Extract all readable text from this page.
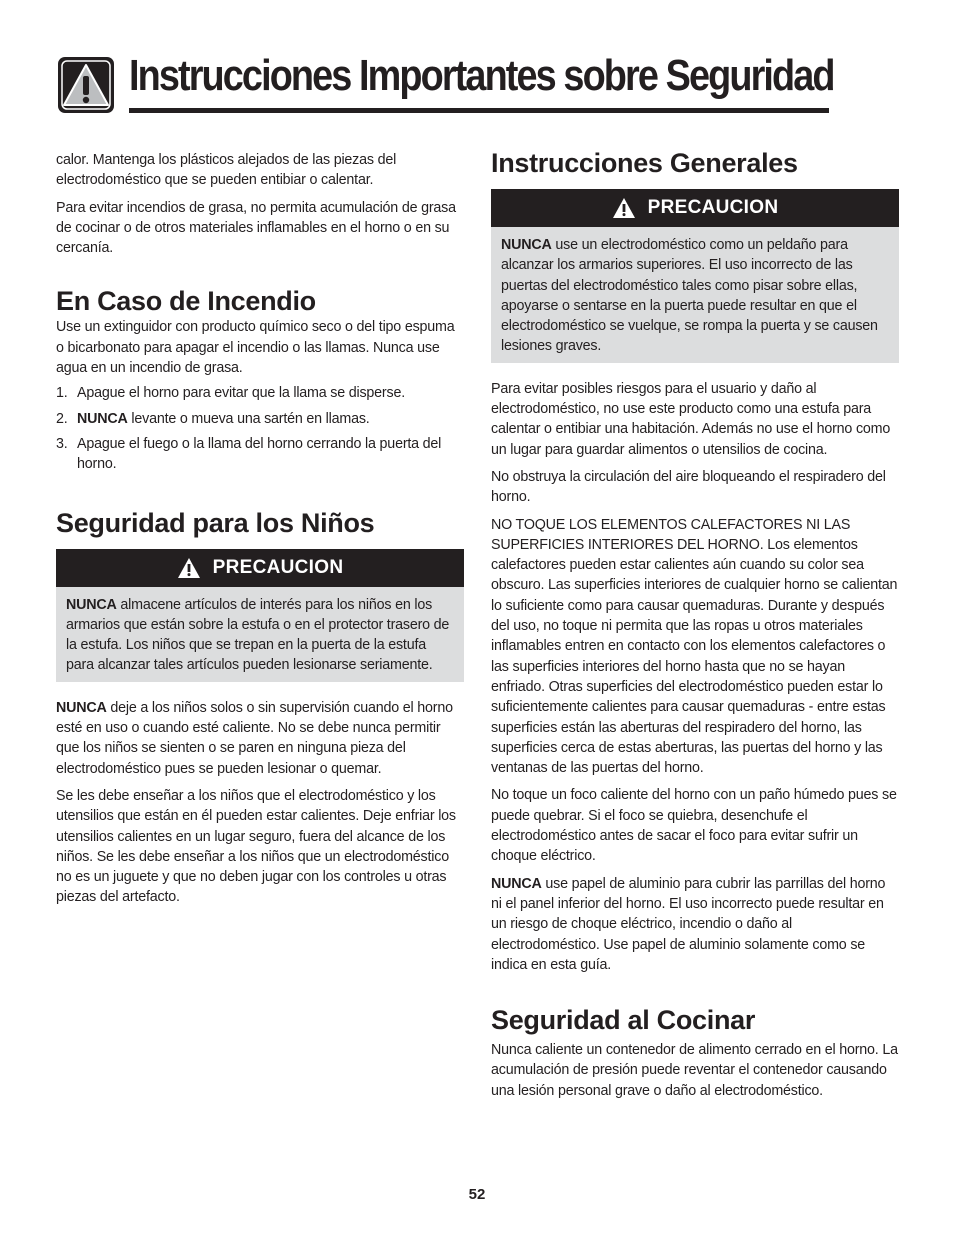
Instrucciones Importantes sobre Seguridad

calor. Mantenga los plásticos alejados de las piezas del electrodoméstico que se pueden entibiar o calentar.

Para evitar incendios de grasa, no permita acumulación de grasa de cocinar o de otros materiales inflamables en el horno o en su cercanía.

En Caso de Incendio

Use un extinguidor con producto químico seco o del tipo espuma o bicarbonato para apagar el incendio o las llamas. Nunca use agua en un incendio de grasa.

1. Apague el horno para evitar que la llama se disperse.
2. NUNCA levante o mueva una sartén en llamas.
3. Apague el fuego o la llama del horno cerrando la puerta del horno.
Seguridad para los Niños
PRECAUCION

NUNCA almacene artículos de interés para los niños en los armarios que están sobre la estufa o en el protector trasero de la estufa. Los niños que se trepan en la puerta de la estufa para alcanzar tales artículos pueden lesionarse seriamente.

NUNCA deje a los niños solos o sin supervisión cuando el horno esté en uso o cuando esté caliente. No se debe nunca permitir que los niños se sienten o se paren en ninguna pieza del electrodoméstico pues se pueden lesionar o quemar.

Se les debe enseñar a los niños que el electrodoméstico y los utensilios que están en él pueden estar calientes. Deje enfriar los utensilios calientes en un lugar seguro, fuera del alcance de los niños. Se les debe enseñar a los niños que un electrodoméstico no es un juguete y que no deben jugar con los controles u otras piezas del artefacto.

Instrucciones Generales
PRECAUCION

NUNCA use un electrodoméstico como un peldaño para alcanzar los armarios superiores. El uso incorrecto de las puertas del electrodoméstico tales como pisar sobre ellas, apoyarse o sentarse en la puerta puede resultar en que el electrodoméstico se vuelque, se rompa la puerta y se causen lesiones graves.

Para evitar posibles riesgos para el usuario y daño al electrodoméstico, no use este producto como una estufa para calentar o entibiar una habitación. Además no use el horno como un lugar para guardar alimentos o utensilios de cocina.

No obstruya la circulación del aire bloqueando el respiradero del horno.

NO TOQUE LOS ELEMENTOS CALEFACTORES NI LAS SUPERFICIES INTERIORES DEL HORNO. Los elementos calefactores pueden estar calientes aún cuando su color sea obscuro. Las superficies interiores de cualquier horno se calientan lo suficiente como para causar quemaduras. Durante y después del uso, no toque ni permita que las ropas u otros materiales inflamables entren en contacto con los elementos calefactores o las superficies interiores del horno hasta que no se hayan enfriado. Otras superficies del electrodoméstico pueden estar lo suficientemente calientes para causar quemaduras - entre estas superficies están las aberturas del respiradero del horno, las superficies cerca de estas aberturas, las puertas del horno y las ventanas de las puertas del horno.

No toque un foco caliente del horno con un paño húmedo pues se puede quebrar. Si el foco se quiebra, desenchufe el electrodoméstico antes de sacar el foco para evitar sufrir un choque eléctrico.

NUNCA use papel de aluminio para cubrir las parrillas del horno ni el panel inferior del horno. El uso incorrecto puede resultar en un riesgo de choque eléctrico, incendio o daño al electrodoméstico. Use papel de aluminio solamente como se indica en esta guía.

Seguridad al Cocinar

Nunca caliente un contenedor de alimento cerrado en el horno. La acumulación de presión puede reventar el contenedor causando una lesión personal grave o daño al electrodoméstico.

52
